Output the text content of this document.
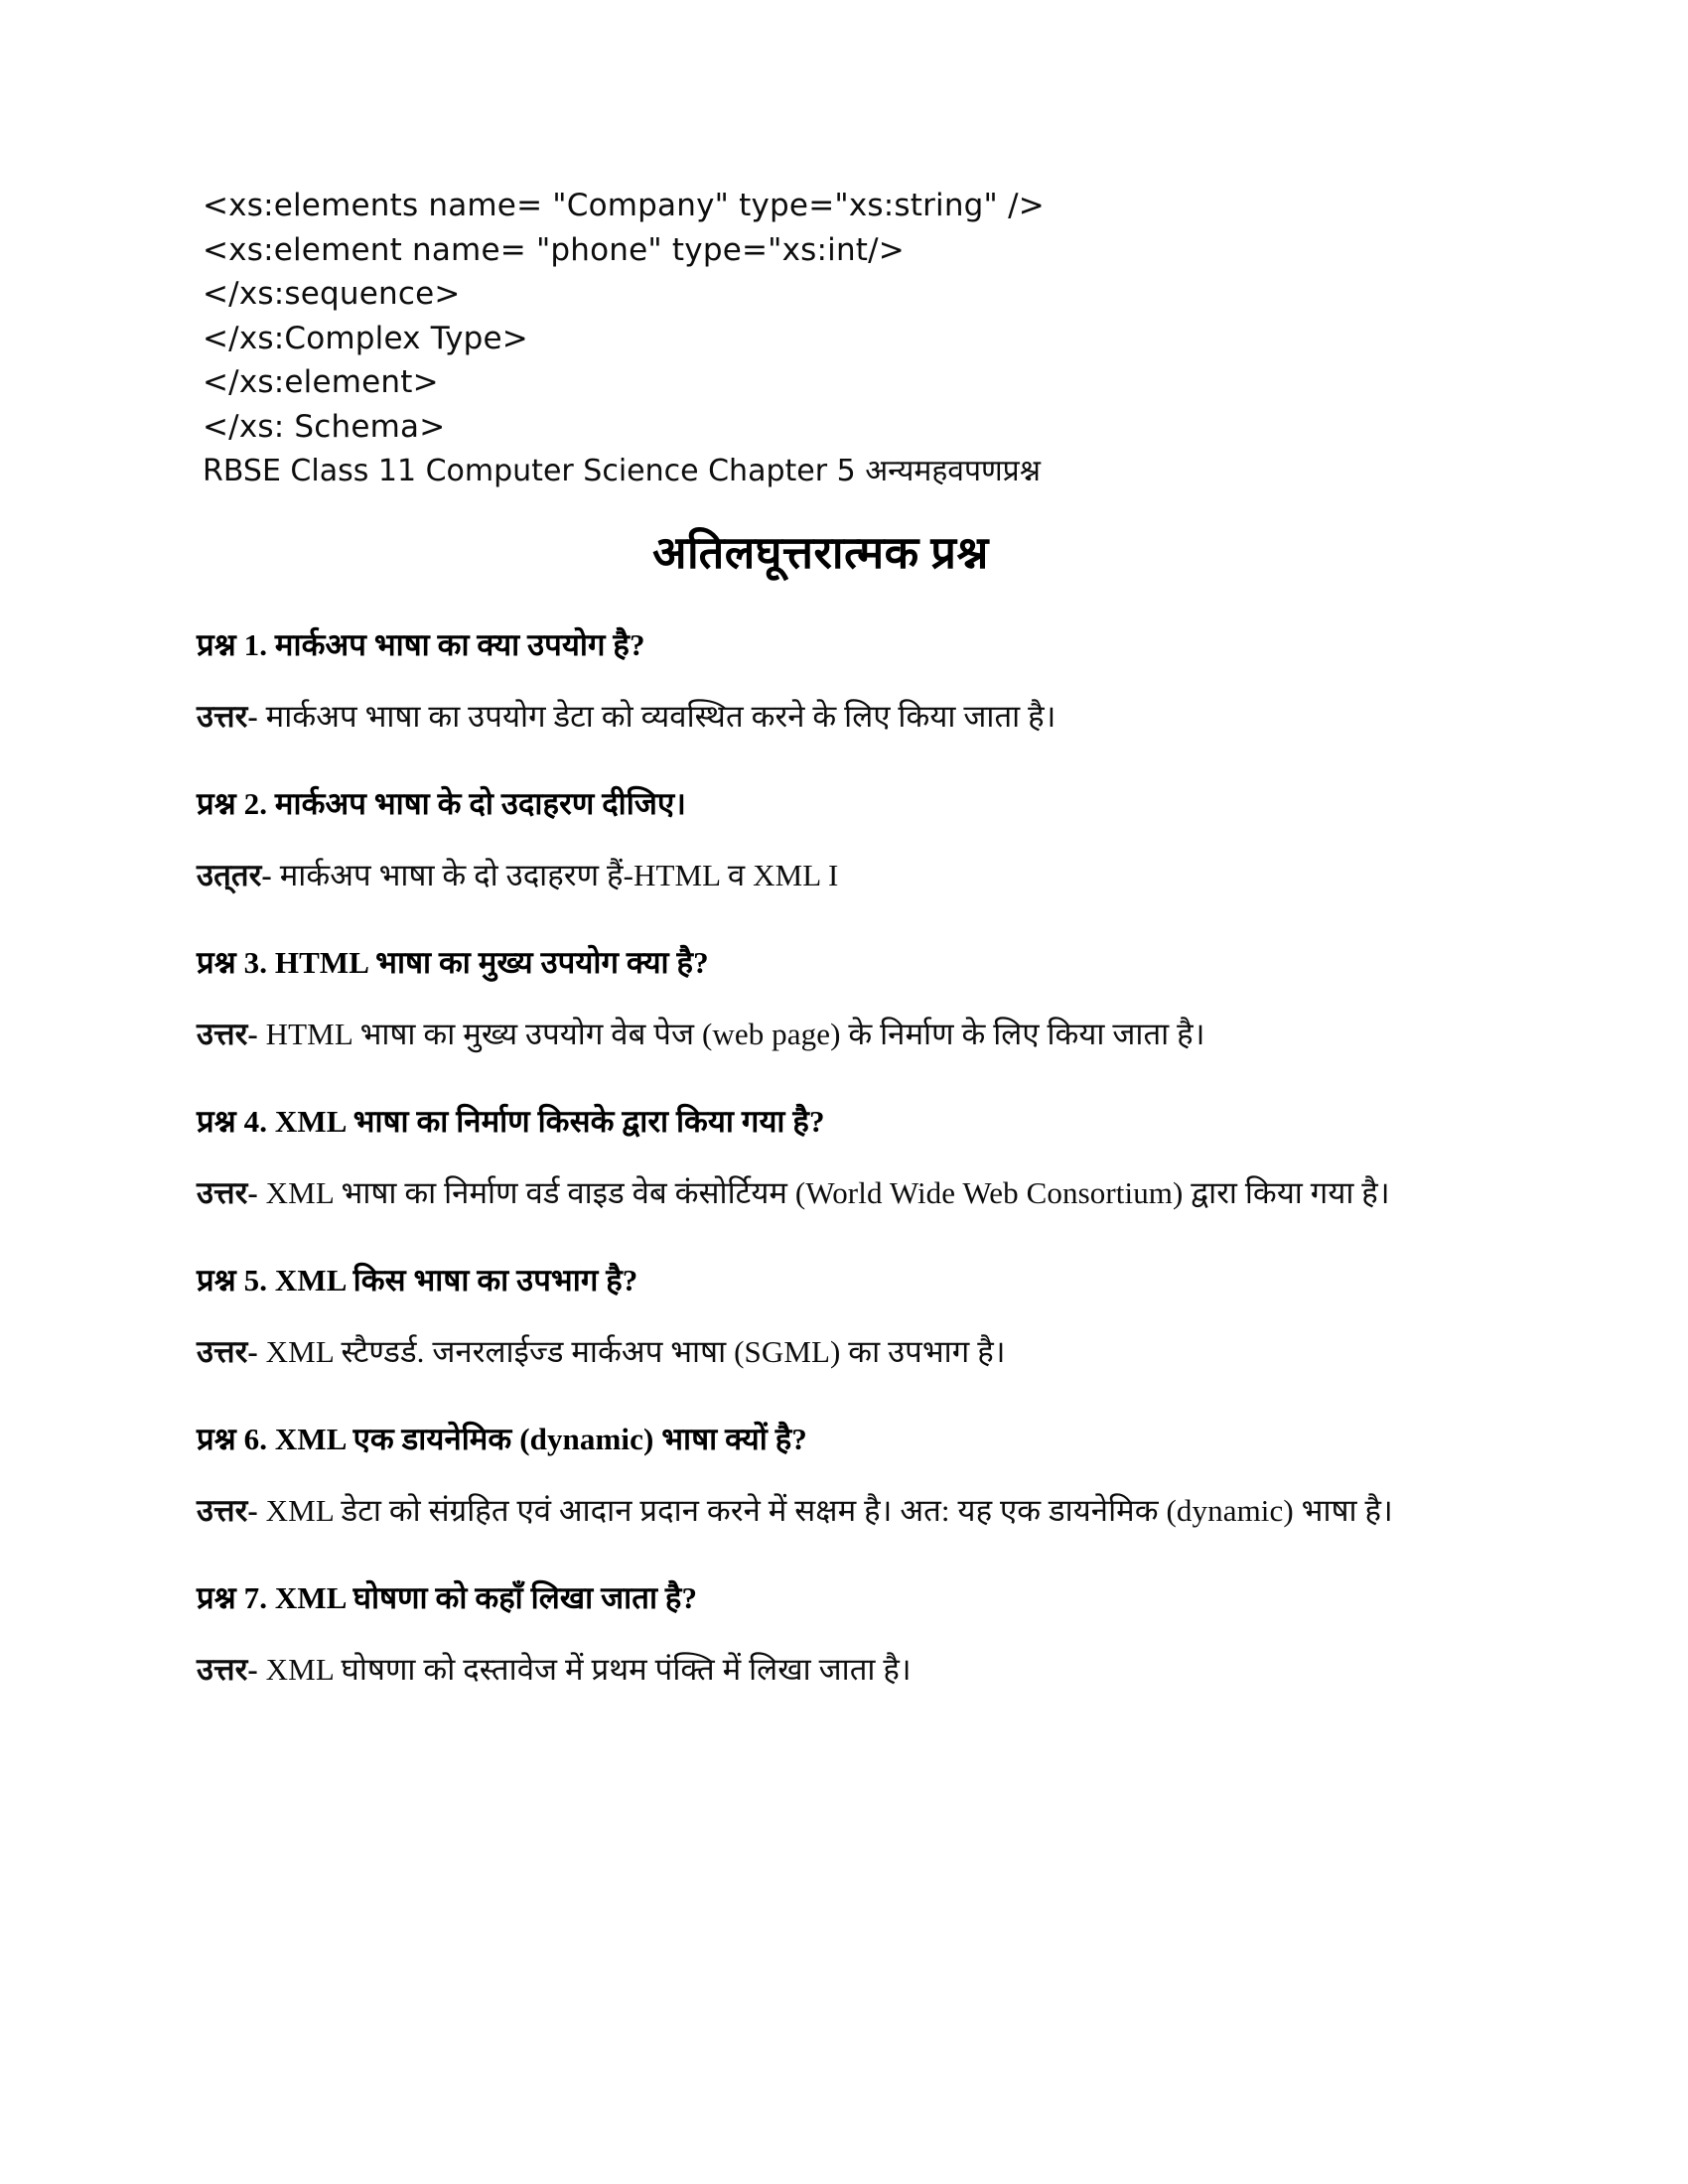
<xs:elements name= "Company" type="xs:string" />
<xs:element name= "phone" type="xs:int/>
</xs:sequence>
</xs:Complex Type>
</xs:element>
</xs: Schema>
RBSE Class 11 Computer Science Chapter 5 अन्यमहवपणप्रश्न
अतिलघूत्तरात्मक प्रश्न

प्रश्न 1. मार्कअप भाषा का क्या उपयोग है?

उत्तर- मार्कअप भाषा का उपयोग डेटा को व्यवस्थित करने के लिए किया जाता है।

प्रश्न 2. मार्कअप भाषा के दो उदाहरण दीजिए।

उत्‌तर- मार्कअप भाषा के दो उदाहरण हैं-HTML व XML I

प्रश्न 3. HTML भाषा का मुख्य उपयोग क्या है?

उत्तर- HTML भाषा का मुख्य उपयोग वेब पेज (web page) के निर्माण के लिए किया जाता है।

प्रश्न 4. XML भाषा का निर्माण किसके द्वारा किया गया है?

उत्तर- XML भाषा का निर्माण वर्ड वाइड वेब कंसोर्टियम (World Wide Web Consortium) द्वारा किया गया है।

प्रश्न 5. XML किस भाषा का उपभाग है?

उत्तर- XML स्टैण्डर्ड. जनरलाईज्ड मार्कअप भाषा (SGML) का उपभाग है।

प्रश्न 6. XML एक डायनेमिक (dynamic) भाषा क्यों है?

उत्तर- XML डेटा को संग्रहित एवं आदान प्रदान करने में सक्षम है। अत: यह एक डायनेमिक (dynamic) भाषा है।

प्रश्न 7. XML घोषणा को कहाँ लिखा जाता है?

उत्तर- XML घोषणा को दस्तावेज में प्रथम पंक्ति में लिखा जाता है।
